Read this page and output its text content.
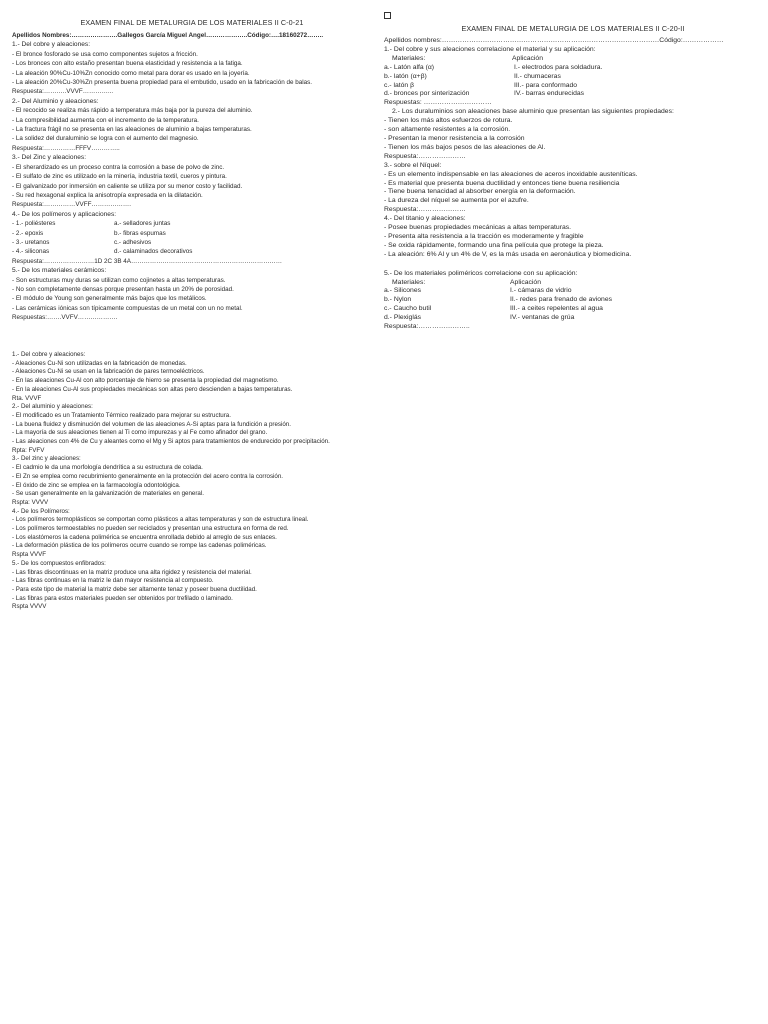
EXAMEN FINAL DE METALURGIA DE LOS MATERIALES II C-0-21
Apellidos Nombres:………………….Gallegos García Miguel Angel………………..Código:….18160272……..
1.- Del cobre y aleaciones:
- El bronce fosforado se usa como componentes sujetos a fricción.
- Los bronces con alto estaño presentan buena elasticidad y resistencia a la fatiga.
- La aleación 90%Cu-10%Zn conocido como metal para dorar es usado en la joyería.
- La aleación 20%Cu-30%Zn presenta buena propiedad para el embutido, usado en la fabricación de balas.
Respuesta:………..VVVF…………...
2.- Del Aluminio y aleaciones:
- El recocido se realiza más rápido a temperatura más baja por la pureza del aluminio.
- La compresibilidad aumenta con el incremento de la temperatura.
- La fractura frágil no se presenta en las aleaciones de aluminio a bajas temperaturas.
- La solidez del duraluminio se logra con el aumento del magnesio.
Respuesta:……………FFFV…………..
3.- Del Zinc y aleaciones:
- El sherardizado es un proceso contra la corrosión a base de polvo de zinc.
- El sulfato de zinc es utilizado en la minería, industria textil, cueros y pintura.
- El galvanizado por inmersión en caliente se utiliza por su menor costo y facilidad.
- Su red hexagonal explica la anisotropía expresada en la dilatación.
Respuesta:……………VVFF……………….
4.- De los polímeros y aplicaciones:
- 1.- poliésteres	a.- selladores juntas
- 2.- epoxis	b.- fibras espumas
- 3.- uretanos	c.- adhesivos
- 4.- siliconas	d.- calaminados decorativos
Respuesta:……………………1D 2C 3B 4A………………………………………………………………
5.- De los materiales cerámicos:
- Son estructuras muy duras se utilizan como cojinetes a altas temperaturas.
- No son completamente densas porque presentan hasta un 20% de porosidad.
- El módulo de Young son generalmente más bajos que los metálicos.
- Las cerámicas iónicas son típicamente compuestas de un metal con un no metal.
Respuestas:…….VVFV……………….
EXAMEN FINAL DE METALURGIA DE LOS MATERIALES II C-20-II
Apellidos nombres:……………………………………………………………………………………Código:………………
1.- Del cobre y sus aleaciones correlacione el material y su aplicación:
Materiales:	Aplicación
a.- Latón alfa (α)	I.- electrodos para soldadura.
b.- latón (α+β)	II.- chumaceras
c.- latón β	III.- para conformado
d.- bronces por sinterización	IV.- barras endurecidas
Respuestas: …………………………
2.- Los duraluminios son aleaciones base aluminio que presentan las siguientes propiedades:
- Tienen los más altos esfuerzos de rotura.
- son altamente resistentes a la corrosión.
- Presentan la menor resistencia a la corrosión
- Tienen los más bajos pesos de las aleaciones de Al.
Respuesta:…………………
3.- sobre el Níquel:
- Es un elemento indispensable en las aleaciones de aceros inoxidable austeníticas.
- Es material que presenta buena ductilidad y entonces tiene buena resiliencia
- Tiene buena tenacidad al absorber energía en la deformación.
- La dureza del níquel se aumenta por el azufre.
Respuesta:…………………
4.- Del titanio y aleaciones:
- Posee buenas propiedades mecánicas a altas temperaturas.
- Presenta alta resistencia a la tracción es moderamente y fragible
- Se oxida rápidamente, formando una fina película que protege la pieza.
- La aleación: 6% Al y un 4% de V, es la más usada en aeronáutica y biomedicina.
5.- De los materiales poliméricos correlacione con su aplicación:
Materiales:	Aplicación
a.- Silicones	I.- cámaras de vidrio
b.- Nylon	II.- redes para frenado de aviones
c.- Caucho butil	III.- a ceites repelentes al agua
d.- Plexiglás	IV.- ventanas de grúa
Respuesta:…………………..
1.- Del cobre y aleaciones:
- Aleaciones Cu-Ni son utilizadas en la fabricación de monedas.
- Aleaciones Cu-Ni se usan en la fabricación de pares termoeléctricos.
- En las aleaciones Cu-Al con alto porcentaje de hierro se presenta la propiedad del magnetismo.
- En la aleaciones Cu-Al sus propiedades mecánicas son altas pero descienden a bajas temperaturas.
Rta. VVVF
2.- Del aluminio y aleaciones:
- El modificado es un Tratamiento Térmico realizado para mejorar su estructura.
- La buena fluidez y disminución del volumen de las aleaciones A-Si aptas para la fundición a presión.
- La mayoría de sus aleaciones tienen al Ti como impurezas y al Fe como afinador del grano.
- Las aleaciones con 4% de Cu y aleantes como el Mg y Si aptos para tratamientos de endurecido por precipitación.
Rpta: FVFV
3.- Del zinc y aleaciones:
- El cadmio le da una morfología dendrítica a su estructura de colada.
- El Zn se emplea como recubrimiento generalmente en la protección del acero contra la corrosión.
- El óxido de zinc se emplea en la farmacología odontológica.
- Se usan generalmente en la galvanización de materiales en general.
Rspta: VVVV
4.- De los Polímeros:
- Los polímeros termoplásticos se comportan como plásticos a altas temperaturas y son de estructura lineal.
- Los polímeros termoestables no pueden ser reciclados y presentan una estructura en forma de red.
- Los elastómeros la cadena polimérica se encuentra enrollada debido al arreglo de sus enlaces.
- La deformación plástica de los polímeros ocurre cuando se rompe las cadenas poliméricas.
Rspta VVVF
5.- De los compuestos enfibrados:
- Las fibras discontinuas en la matriz produce una alta rigidez y resistencia del material.
- Las fibras continuas en la matriz le dan mayor resistencia al compuesto.
- Para este tipo de material la matriz debe ser altamente tenaz y poseer buena ductilidad.
- Las fibras para estos materiales pueden ser obtenidos por trefilado o laminado.
Rspta VVVV
